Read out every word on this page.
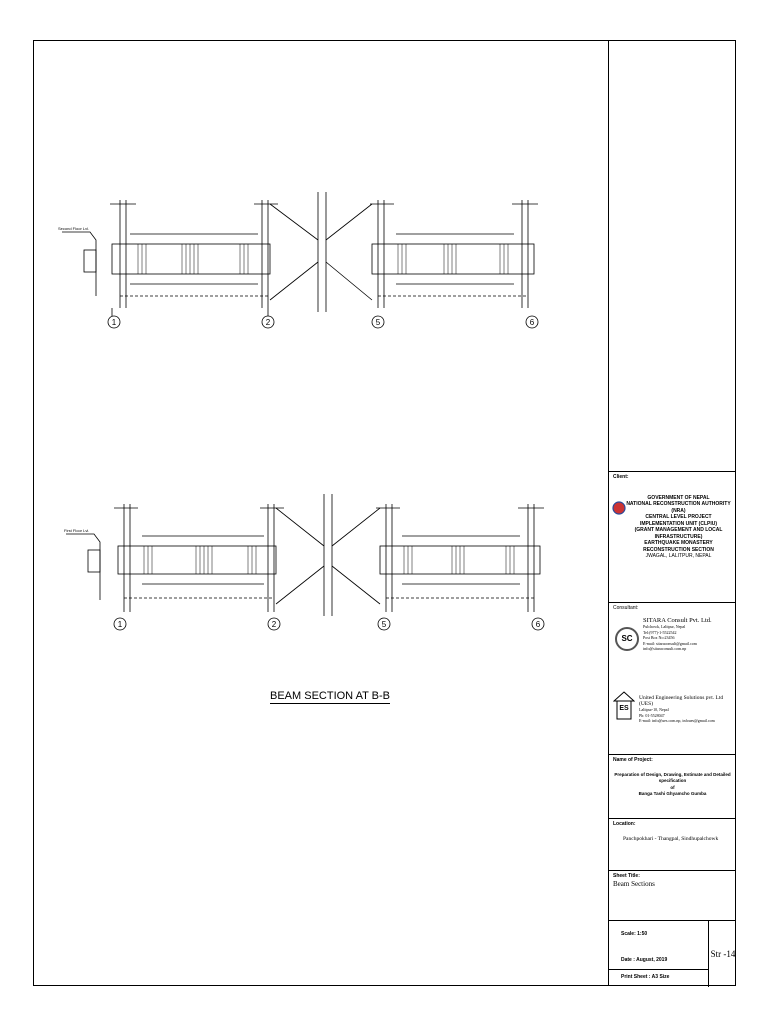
1	2	5	6
1	2	5	6
Second Floor Lvl.
First Floor Lvl.
BEAM SECTION AT B-B
Client:
GOVERNMENT OF NEPAL
NATIONAL RECONSTRUCTION AUTHORITY (NRA)
CENTRAL LEVEL PROJECT IMPLEMENTATION UNIT (CLPIU)
(GRANT MANAGEMENT AND LOCAL INFRASTRUCTURE)
EARTHQUAKE MONASTERY RECONSTRUCTION SECTION
JWAGAL, LALITPUR, NEPAL
Consultant:
SC
SITARA Consult Pvt. Ltd.
Pulchowk, Lalitpur, Nepal
Tel:(977)-1-5522542
Post Box No:23456
E-mail: sitaraconsult@gmail.com
info@sitaraconsult.com.np
ES
United Engineering Solutions pvt. Ltd (UES)
Lalitpur-10, Nepal
Ph: 01-5528047
E-mail: info@ues.com.np, infoues@gmail.com
Name of Project:
Preparation of Design, Drawing, Estimate and Detailed specification
of
Banga Tashi Ghyamcho Gumba
Location:
Panchpokhari - Thangpal, Sindhupalchowk
Sheet Title:
Beam Sections
Scale: 1:50
Date : August, 2019
Print Sheet : A3 Size
Str -14
